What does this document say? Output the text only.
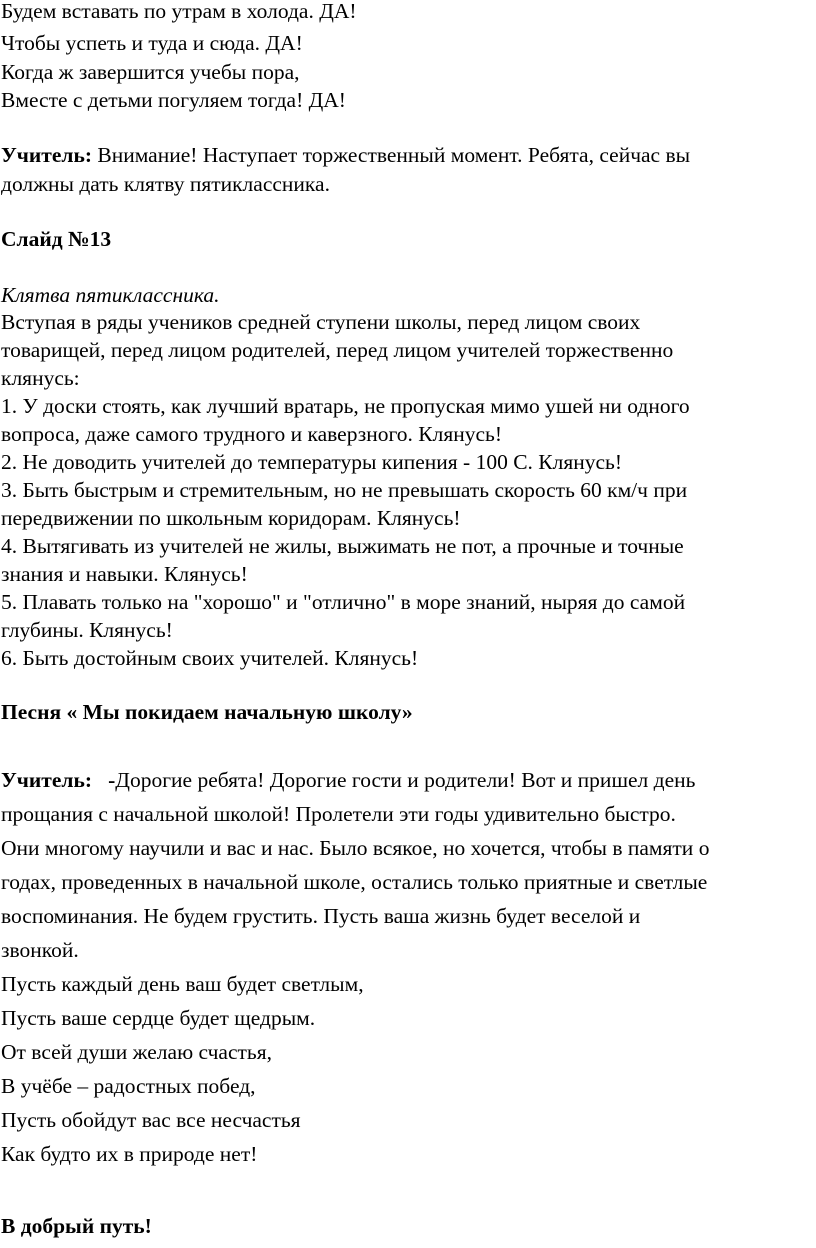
Будем вставать по утрам в холода. ДА!
Чтобы успеть и туда и сюда. ДА!
Когда ж завершится учебы пора,
Вместе с детьми погуляем тогда! ДА!
Учитель: Внимание! Наступает торжественный момент. Ребята, сейчас вы
должны дать клятву пятиклассника.
Слайд №13
Клятва пятиклассника.
Вступая в ряды учеников средней ступени школы, перед лицом своих
товарищей, перед лицом родителей, перед лицом учителей торжественно
клянусь:
1. У доски стоять, как лучший вратарь, не пропуская мимо ушей ни одного
вопроса, даже самого трудного и каверзного. Клянусь!
2. Не доводить учителей до температуры кипения - 100 С. Клянусь!
3. Быть быстрым и стремительным, но не превышать скорость 60 км/ч при
передвижении по школьным коридорам. Клянусь!
4. Вытягивать из учителей не жилы, выжимать не пот, а прочные и точные
знания и навыки. Клянусь!
5. Плавать только на "хорошо" и "отлично" в море знаний, ныряя до самой
глубины. Клянусь!
6. Быть достойным своих учителей. Клянусь!
Песня « Мы покидаем начальную школу»
Учитель:   -Дорогие ребята! Дорогие гости и родители! Вот и пришел день
прощания с начальной школой! Пролетели эти годы удивительно быстро.
Они многому научили и вас и нас. Было всякое, но хочется, чтобы в памяти о
годах, проведенных в начальной школе, остались только приятные и светлые
воспоминания. Не будем грустить. Пусть ваша жизнь будет веселой и
звонкой.
Пусть каждый день ваш будет светлым,
Пусть ваше сердце будет щедрым.
От всей души желаю счастья,
В учёбе – радостных побед,
Пусть обойдут вас все несчастья
Как будто их в природе нет!
В добрый путь!
